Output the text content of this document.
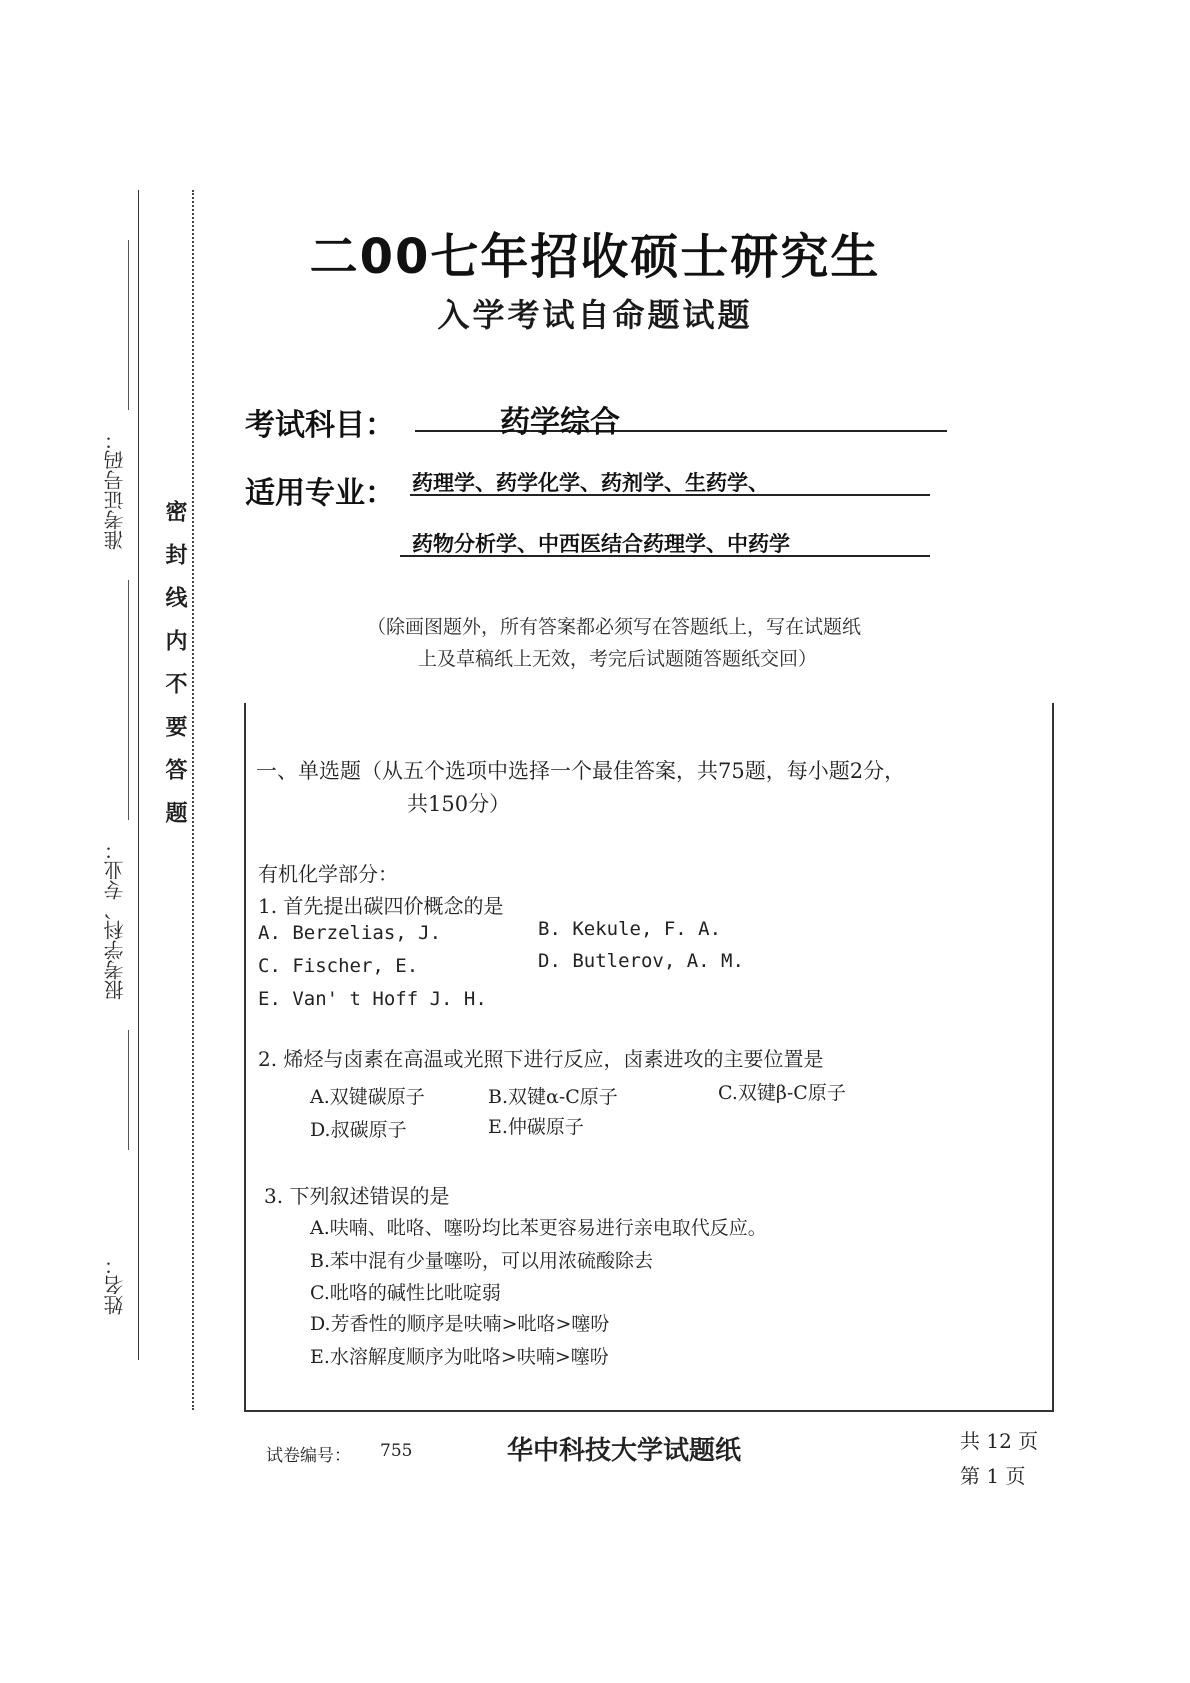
准考证号码：
报考学科、专业：
姓名：
密封线内不要答题
二00七年招收硕士研究生
入学考试自命题试题
考试科目：	药学综合
适用专业： 药理学、药学化学、药剂学、生药学、
药物分析学、中西医结合药理学、中药学
（除画图题外，所有答案都必须写在答题纸上，写在试题纸
上及草稿纸上无效，考完后试题随答题纸交回）
一、单选题（从五个选项中选择一个最佳答案，共75题，每小题2分，
共150分）
有机化学部分：
1. 首先提出碳四价概念的是
A. Berzelias, J.	B. Kekule, F. A.
C. Fischer, E.	D. Butlerov, A. M.
E. Van' t Hoff J. H.
2. 烯烃与卤素在高温或光照下进行反应，卤素进攻的主要位置是
A.双键碳原子	B.双键α-C原子	C.双键β-C原子
D.叔碳原子	E.仲碳原子
3. 下列叙述错误的是
A.呋喃、吡咯、噻吩均比苯更容易进行亲电取代反应。
B.苯中混有少量噻吩，可以用浓硫酸除去
C.吡咯的碱性比吡啶弱
D.芳香性的顺序是呋喃>吡咯>噻吩
E.水溶解度顺序为吡咯>呋喃>噻吩
试卷编号： 755	华中科技大学试题纸	共 12 页
第 1 页
